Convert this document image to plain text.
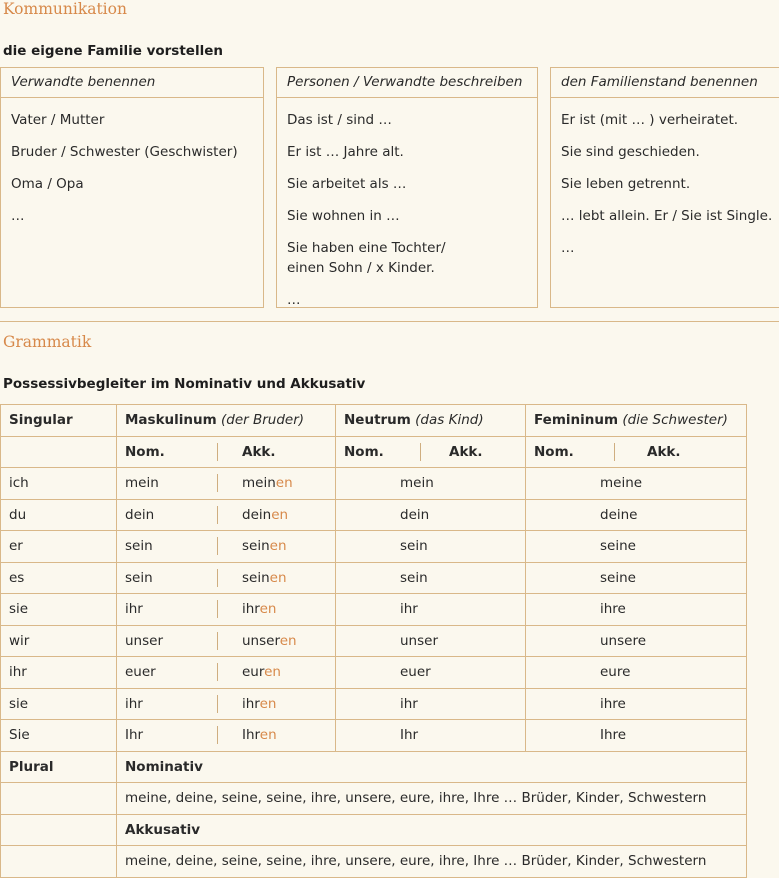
Kommunikation
die eigene Familie vorstellen
Verwandte benennen
Vater / Mutter
Bruder / Schwester (Geschwister)
Oma / Opa
…
Personen / Verwandte beschreiben
Das ist / sind …
Er ist … Jahre alt.
Sie arbeitet als …
Sie wohnen in …
Sie haben eine Tochter/
einen Sohn / x Kinder.
…
den Familienstand benennen
Er ist (mit … ) verheiratet.
Sie sind geschieden.
Sie leben getrennt.
… lebt allein. Er / Sie ist Single.
…
Grammatik
Possessivbegleiter im Nominativ und Akkusativ
Singular	Maskulinum (der Bruder)	Neutrum (das Kind)	Femininum (die Schwester)

	Nom. Akk.	Nom. Akk.	Nom. Akk.

ich	mein meinen	mein	meine
du	dein deinen	dein	deine
er	sein seinen	sein	seine
es	sein seinen	sein	seine
sie	ihr ihren	ihr	ihre
wir	unser unseren	unser	unsere
ihr	euer euren	euer	eure
sie	ihr ihren	ihr	ihre
Sie	Ihr Ihren	Ihr	Ihre
Plural	Nominativ		
	meine, deine, seine, seine, ihre, unsere, eure, ihre, Ihre … Brüder, Kinder, Schwestern		
	Akkusativ		
	meine, deine, seine, seine, ihre, unsere, eure, ihre, Ihre … Brüder, Kinder, Schwestern		
